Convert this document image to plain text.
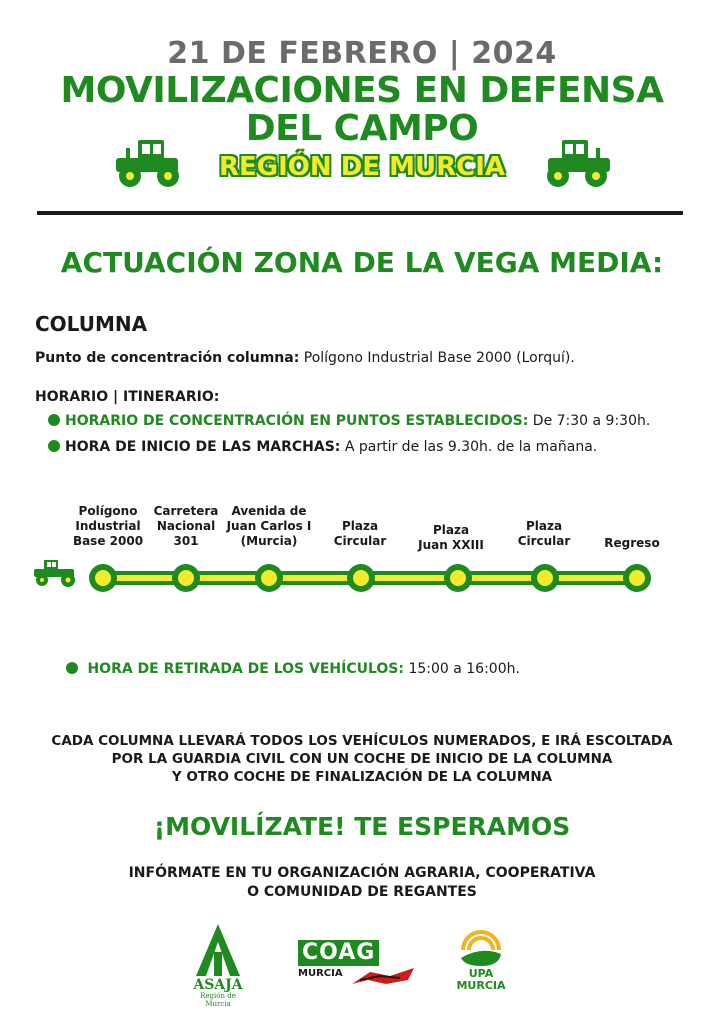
21 DE FEBRERO | 2024
MOVILIZACIONES EN DEFENSA
DEL CAMPO
REGIÓN DE MURCIA
ACTUACIÓN ZONA DE LA VEGA MEDIA:
COLUMNA
Punto de concentración columna: Polígono Industrial Base 2000 (Lorquí).
HORARIO | ITINERARIO:
HORARIO DE CONCENTRACIÓN EN PUNTOS ESTABLECIDOS: De 7:30 a 9:30h.
HORA DE INICIO DE LAS MARCHAS: A partir de las 9.30h. de la mañana.
Polígono
Industrial
Base 2000
Carretera
Nacional
301
Avenida de
Juan Carlos I
(Murcia)
Plaza
Circular
Plaza
Juan XXIII
Plaza
Circular	Regreso
HORA DE RETIRADA DE LOS VEHÍCULOS: 15:00 a 16:00h.
CADA COLUMNA LLEVARÁ TODOS LOS VEHÍCULOS NUMERADOS, E IRÁ ESCOLTADA
POR LA GUARDIA CIVIL CON UN COCHE DE INICIO DE LA COLUMNA
Y OTRO COCHE DE FINALIZACIÓN DE LA COLUMNA
¡MOVILÍZATE! TE ESPERAMOS
INFÓRMATE EN TU ORGANIZACIÓN AGRARIA, COOPERATIVA
O COMUNIDAD DE REGANTES
ASAJA
Región de Murcia
COAG
MURCIA	UPA
MURCIA
